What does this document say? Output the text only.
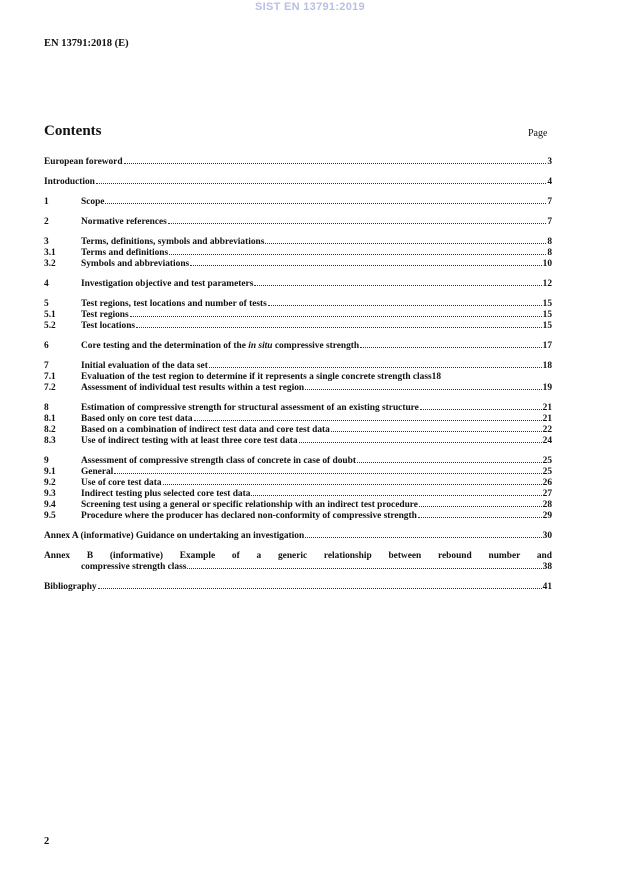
SIST EN 13791:2019
EN 13791:2018 (E)
Contents	Page
European foreword	3
Introduction	4
1	Scope	7
2	Normative references	7
3	Terms, definitions, symbols and abbreviations	8
3.1	Terms and definitions	8
3.2	Symbols and abbreviations	10
4	Investigation objective and test parameters	12
5	Test regions, test locations and number of tests	15
5.1	Test regions	15
5.2	Test locations	15
6	Core testing and the determination of the in situ compressive strength	17
7	Initial evaluation of the data set	18
7.1	Evaluation of the test region to determine if it represents a single concrete strength class 18
7.2	Assessment of individual test results within a test region	19
8	Estimation of compressive strength for structural assessment of an existing structure	21
8.1	Based only on core test data	21
8.2	Based on a combination of indirect test data and core test data	22
8.3	Use of indirect testing with at least three core test data	24
9	Assessment of compressive strength class of concrete in case of doubt	25
9.1	General	25
9.2	Use of core test data	26
9.3	Indirect testing plus selected core test data	27
9.4	Screening test using a general or specific relationship with an indirect test procedure	28
9.5	Procedure where the producer has declared non-conformity of compressive strength	29
Annex A (informative) Guidance on undertaking an investigation	30
Annex B (informative) Example of a generic relationship between rebound number and
compressive strength class	38
Bibliography	41
2
